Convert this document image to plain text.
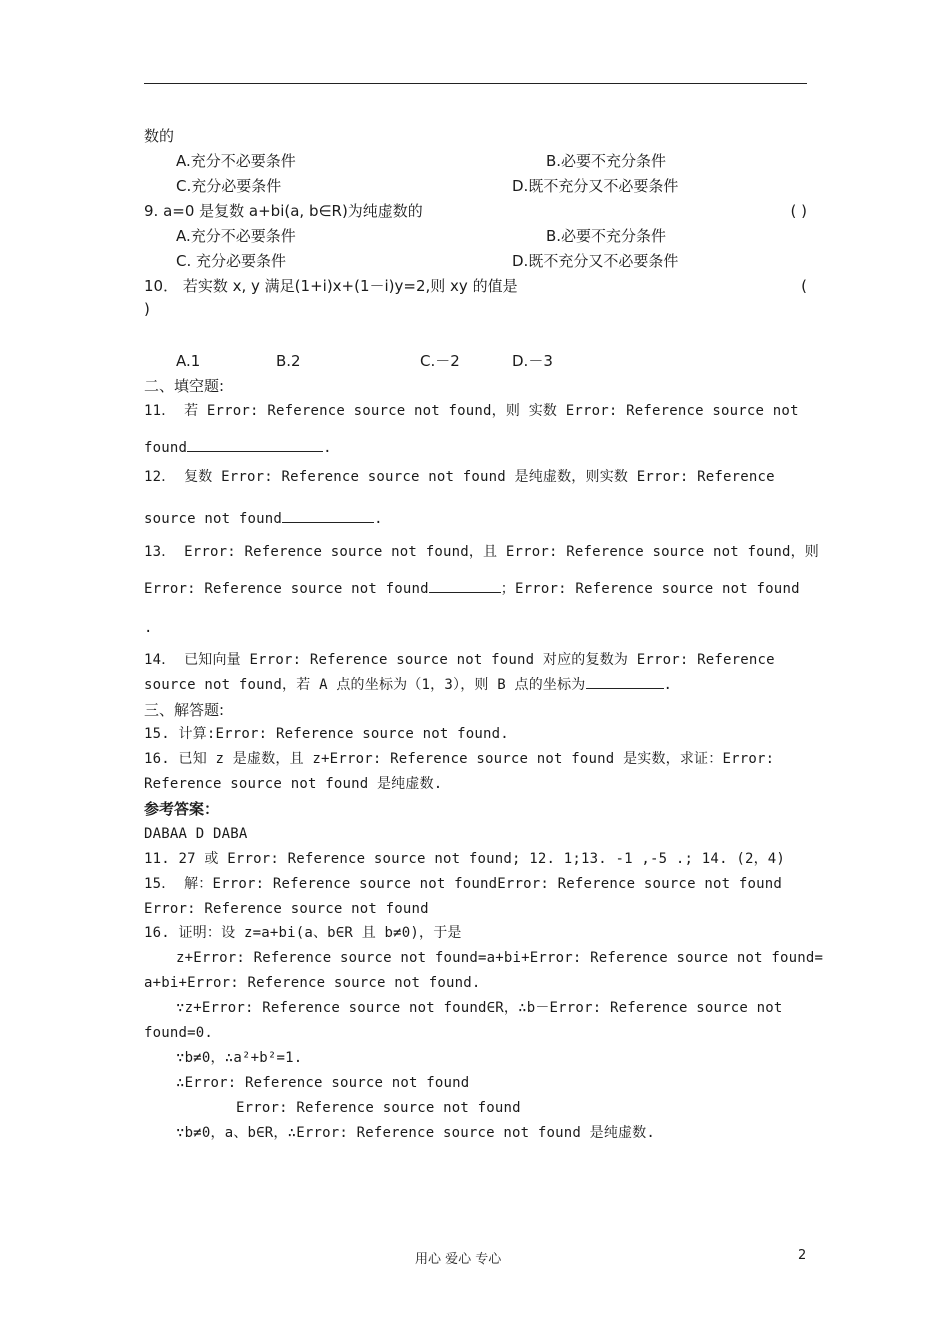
数的
A.充分不必要条件	B.必要不充分条件
C.充分必要条件	D.既不充分又不必要条件
9. a=0 是复数 a+bi(a, b∈R)为纯虚数的	( )
A.充分不必要条件	B.必要不充分条件
C. 充分必要条件	D.既不充分又不必要条件
10． 若实数 x, y 满足(1+i)x+(1－i)y=2,则 xy 的值是	(
)
A.1	B.2	C.－2	D.－3
二、填空题:
11． 若 Error: Reference source not found，则 实数 Error: Reference source not
found	.
12． 复数 Error: Reference source not found 是纯虚数，则实数 Error: Reference
source not found	.
13． Error: Reference source not found，且 Error: Reference source not found，则
Error: Reference source not found	；Error: Reference source not found
.
14． 已知向量 Error: Reference source not found 对应的复数为 Error: Reference
source not found，若 A 点的坐标为（1，3），则 B 点的坐标为	.
三、解答题:
15. 计算:Error: Reference source not found.
16. 已知 z 是虚数，且 z+Error: Reference source not found 是实数，求证：Error:
Reference source not found 是纯虚数.
参考答案：
DABAA D DABA
11. 27 或 Error: Reference source not found; 12. 1;13. -1 ,-5 .; 14. (2，4)
15． 解：Error: Reference source not foundError: Reference source not found
Error: Reference source not found
16. 证明：设 z=a+bi(a、b∈R 且 b≠0)，于是
z+Error: Reference source not found=a+bi+Error: Reference source not found=
a+bi+Error: Reference source not found.
∵z+Error: Reference source not found∈R，∴b－Error: Reference source not
found=0.
∵b≠0，∴a²+b²=1.
∴Error: Reference source not found
Error: Reference source not found
∵b≠0，a、b∈R，∴Error: Reference source not found 是纯虚数.
用心 爱心 专心	2
